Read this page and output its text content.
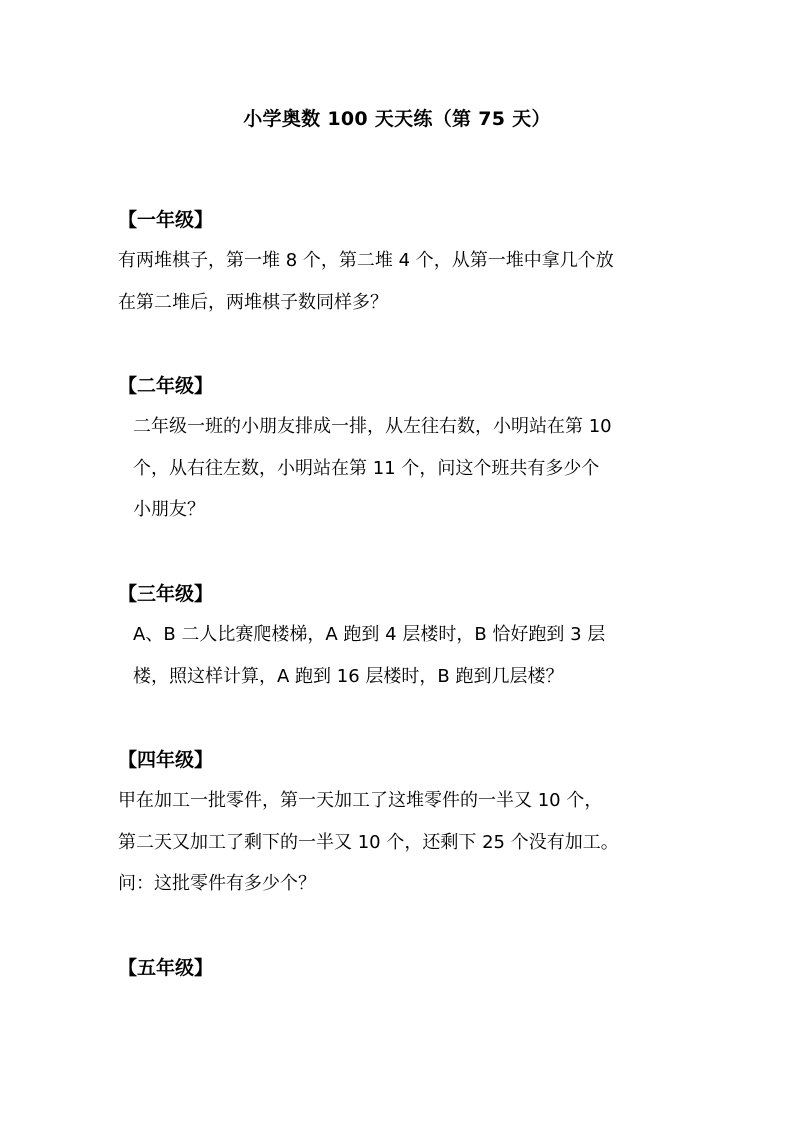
小学奥数 100 天天练（第 75 天）
【一年级】
有两堆棋子，第一堆 8 个，第二堆 4 个，从第一堆中拿几个放
在第二堆后，两堆棋子数同样多？
【二年级】
二年级一班的小朋友排成一排，从左往右数，小明站在第 10
个，从右往左数，小明站在第 11 个，问这个班共有多少个
小朋友？
【三年级】
A、B 二人比赛爬楼梯，A 跑到 4 层楼时，B 恰好跑到 3 层
楼，照这样计算，A 跑到 16 层楼时，B 跑到几层楼？
【四年级】
甲在加工一批零件，第一天加工了这堆零件的一半又 10 个，
第二天又加工了剩下的一半又 10 个，还剩下 25 个没有加工。
问：这批零件有多少个？
【五年级】
